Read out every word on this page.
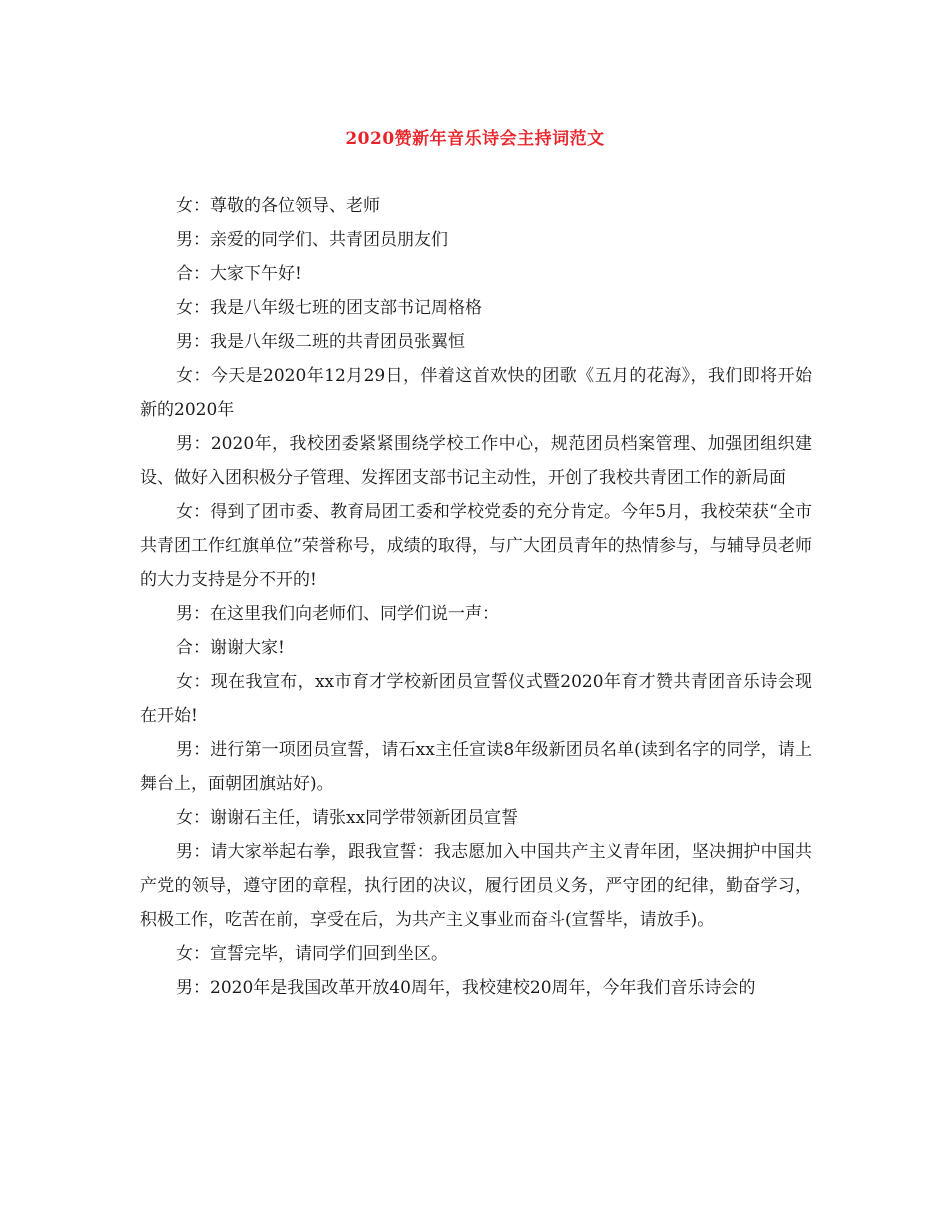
2020赞新年音乐诗会主持词范文

女：尊敬的各位领导、老师

男：亲爱的同学们、共青团员朋友们

合：大家下午好!

女：我是八年级七班的团支部书记周格格

男：我是八年级二班的共青团员张翼恒

女：今天是2020年12月29日，伴着这首欢快的团歌《五月的花海》，我们即将开始新的2020年

男：2020年，我校团委紧紧围绕学校工作中心，规范团员档案管理、加强团组织建设、做好入团积极分子管理、发挥团支部书记主动性，开创了我校共青团工作的新局面

女：得到了团市委、教育局团工委和学校党委的充分肯定。今年5月，我校荣获“全市共青团工作红旗单位”荣誉称号，成绩的取得，与广大团员青年的热情参与，与辅导员老师的大力支持是分不开的!

男：在这里我们向老师们、同学们说一声：

合：谢谢大家!

女：现在我宣布，xx市育才学校新团员宣誓仪式暨2020年育才赞共青团音乐诗会现在开始!

男：进行第一项团员宣誓，请石xx主任宣读8年级新团员名单(读到名字的同学，请上舞台上，面朝团旗站好)。

女：谢谢石主任，请张xx同学带领新团员宣誓

男：请大家举起右拳，跟我宣誓：我志愿加入中国共产主义青年团，坚决拥护中国共产党的领导，遵守团的章程，执行团的决议，履行团员义务，严守团的纪律，勤奋学习，积极工作，吃苦在前，享受在后，为共产主义事业而奋斗(宣誓毕，请放手)。

女：宣誓完毕，请同学们回到坐区。

男：2020年是我国改革开放40周年，我校建校20周年，今年我们音乐诗会的
